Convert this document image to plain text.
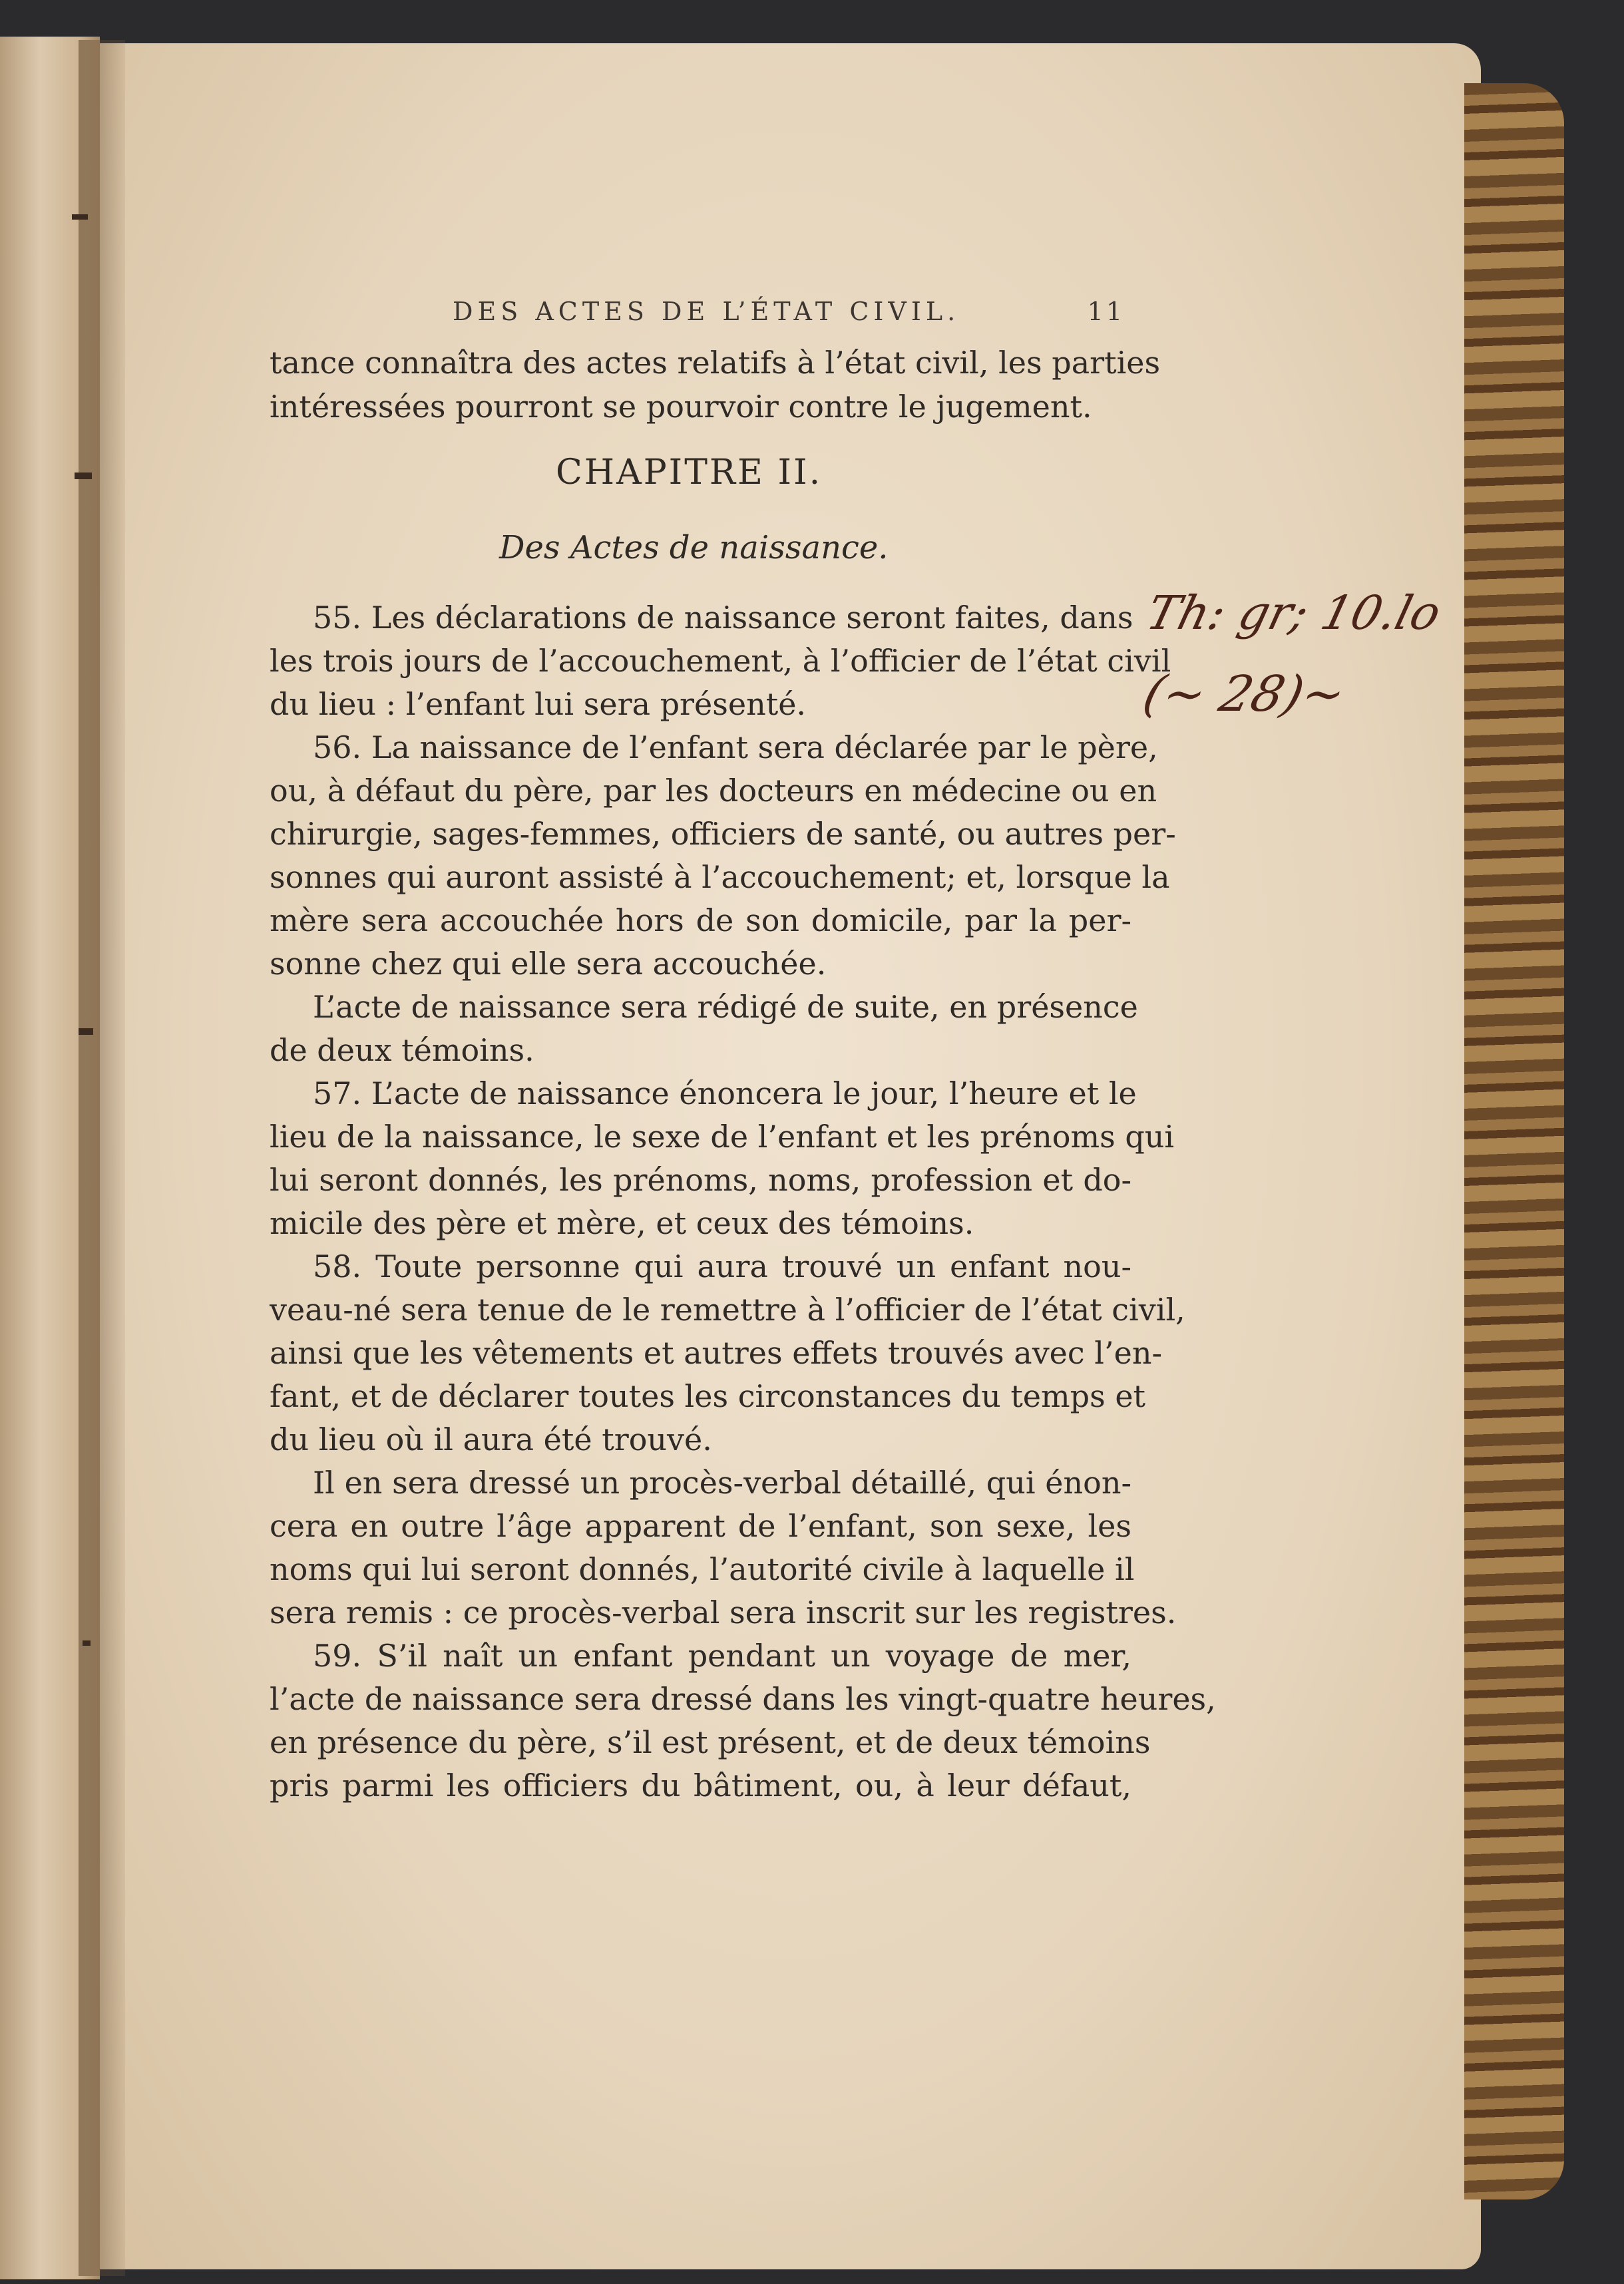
DES ACTES DE L’ÉTAT CIVIL.	11
tance connaîtra des actes relatifs à l’état civil, les parties
intéressées pourront se pourvoir contre le jugement.
CHAPITRE II.
Des Actes de naissance.
55. Les déclarations de naissance seront faites, dans
les trois jours de l’accouchement, à l’officier de l’état civil
du lieu : l’enfant lui sera présenté.
56. La naissance de l’enfant sera déclarée par le père,
ou, à défaut du père, par les docteurs en médecine ou en
chirurgie, sages-femmes, officiers de santé, ou autres per-
sonnes qui auront assisté à l’accouchement; et, lorsque la
mère sera accouchée hors de son domicile, par la per-
sonne chez qui elle sera accouchée.
L’acte de naissance sera rédigé de suite, en présence
de deux témoins.
57. L’acte de naissance énoncera le jour, l’heure et le
lieu de la naissance, le sexe de l’enfant et les prénoms qui
lui seront donnés, les prénoms, noms, profession et do-
micile des père et mère, et ceux des témoins.
58. Toute personne qui aura trouvé un enfant nou-
veau-né sera tenue de le remettre à l’officier de l’état civil,
ainsi que les vêtements et autres effets trouvés avec l’en-
fant, et de déclarer toutes les circonstances du temps et
du lieu où il aura été trouvé.
Il en sera dressé un procès-verbal détaillé, qui énon-
cera en outre l’âge apparent de l’enfant, son sexe, les
noms qui lui seront donnés, l’autorité civile à laquelle il
sera remis : ce procès-verbal sera inscrit sur les registres.
59. S’il naît un enfant pendant un voyage de mer,
l’acte de naissance sera dressé dans les vingt-quatre heures,
en présence du père, s’il est présent, et de deux témoins
pris parmi les officiers du bâtiment, ou, à leur défaut,
Th: gr; 10.lo
(~ 28)~
